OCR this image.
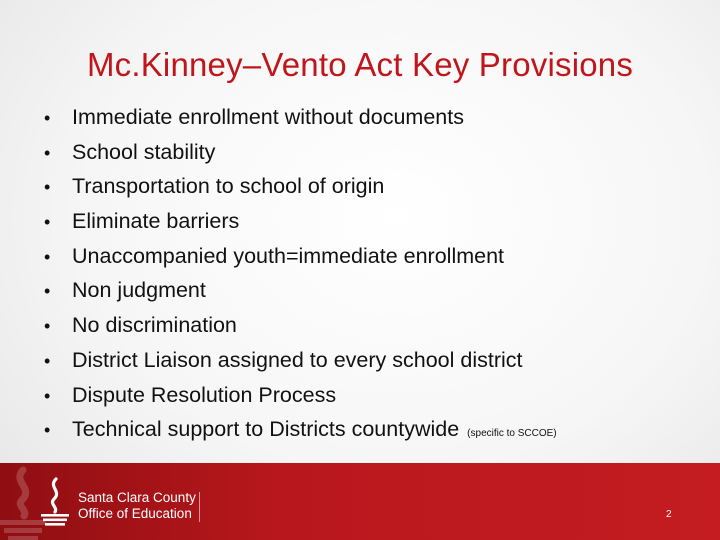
Mc.Kinney–Vento Act Key Provisions
•	Immediate enrollment without documents
•	School stability
•	Transportation to school of origin
•	Eliminate barriers
•	Unaccompanied youth=immediate enrollment
•	Non judgment
•	No discrimination
•	District Liaison assigned to every school district
•	Dispute Resolution Process
•	Technical support to Districts countywide (specific to SCCOE)
Santa Clara County
Office of Education	2
